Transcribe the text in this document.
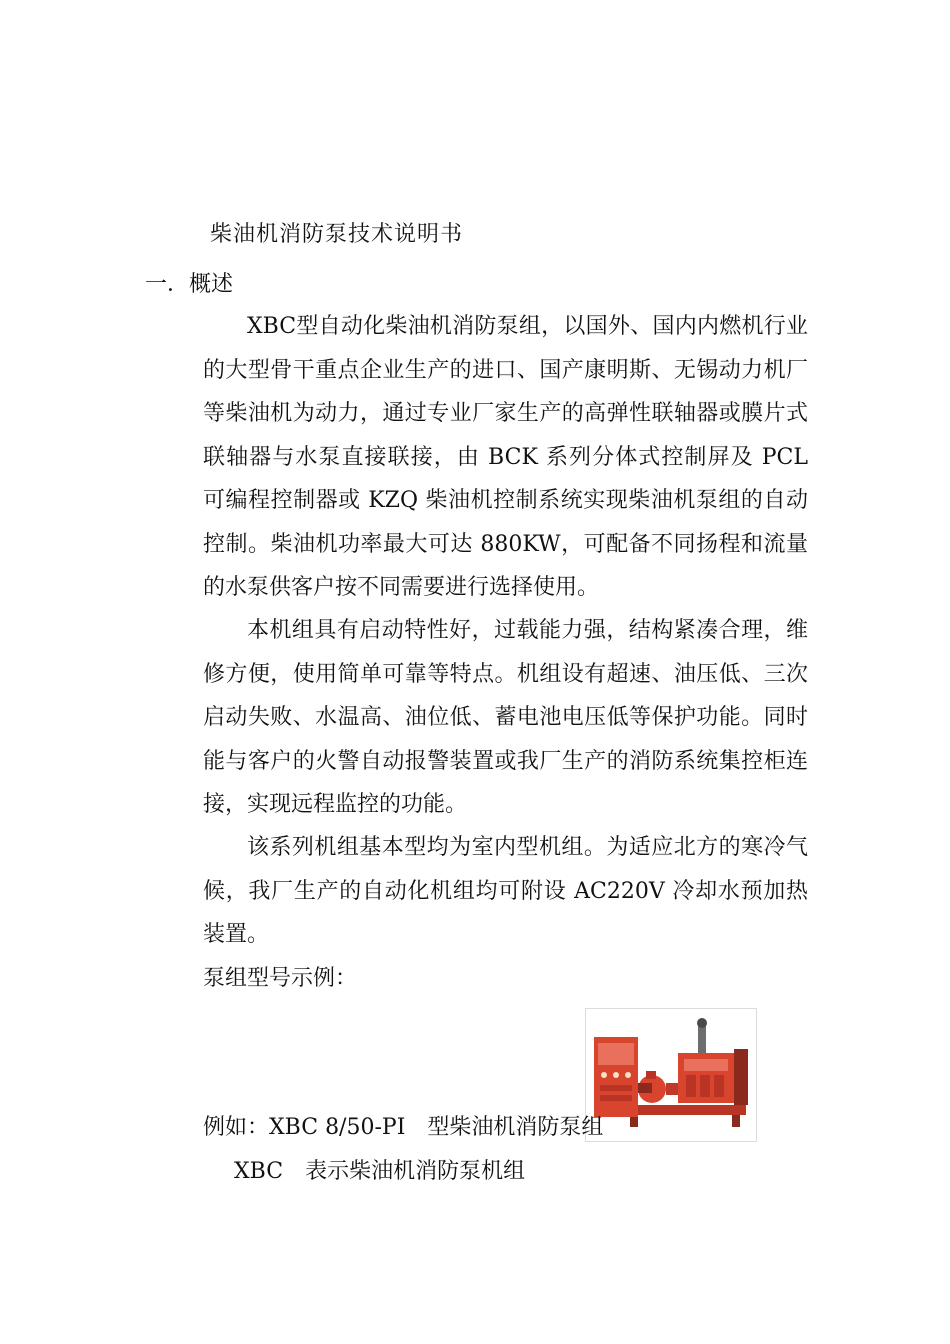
柴油机消防泵技术说明书
一．概述

XBC型自动化柴油机消防泵组，以国外、国内内燃机行业的大型骨干重点企业生产的进口、国产康明斯、无锡动力机厂等柴油机为动力，通过专业厂家生产的高弹性联轴器或膜片式联轴器与水泵直接联接，由 BCK 系列分体式控制屏及 PCL 可编程控制器或 KZQ 柴油机控制系统实现柴油机泵组的自动控制。柴油机功率最大可达 880KW，可配备不同扬程和流量的水泵供客户按不同需要进行选择使用。

本机组具有启动特性好，过载能力强，结构紧凑合理，维修方便，使用简单可靠等特点。机组设有超速、油压低、三次启动失败、水温高、油位低、蓄电池电压低等保护功能。同时能与客户的火警自动报警装置或我厂生产的消防系统集控柜连接，实现远程监控的功能。

该系列机组基本型均为室内型机组。为适应北方的寒冷气候，我厂生产的自动化机组均可附设 AC220V 冷却水预加热装置。

泵组型号示例：
例如：XBC 8/50-PI　型柴油机消防泵组
XBC　表示柴油机消防泵机组
